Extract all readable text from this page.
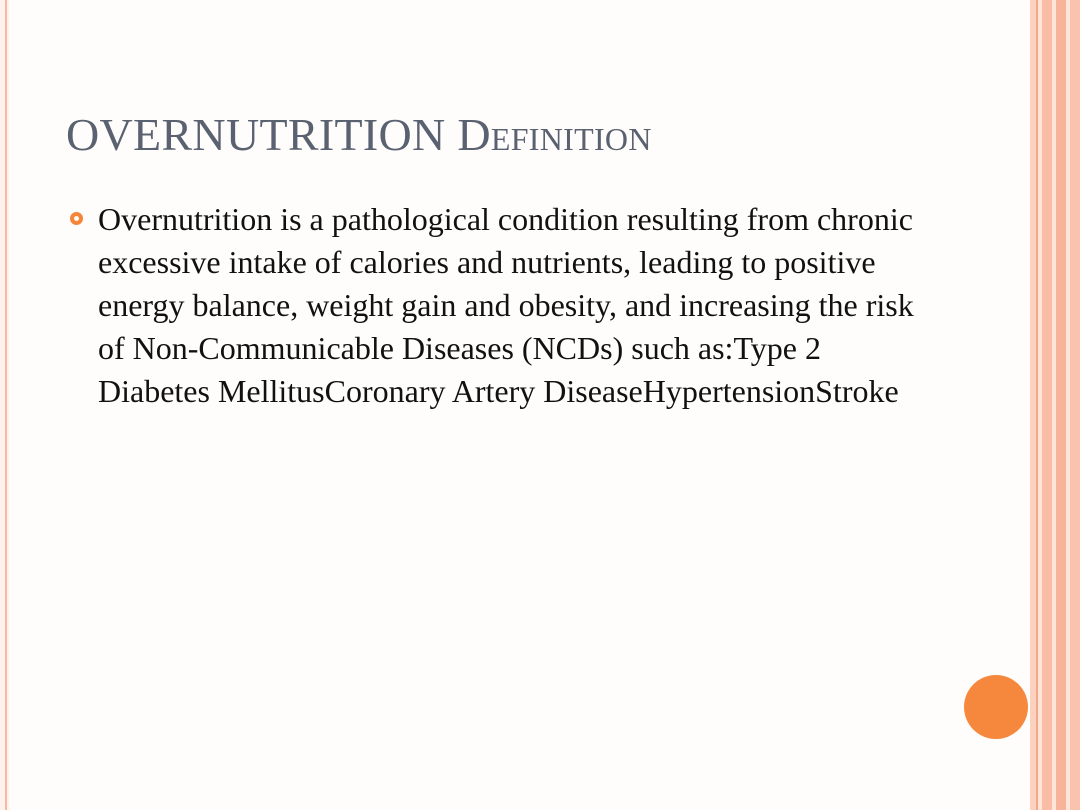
OVERNUTRITION Definition
Overnutrition is a pathological condition resulting from chronic excessive intake of calories and nutrients, leading to positive energy balance, weight gain and obesity, and increasing the risk of Non-Communicable Diseases (NCDs) such as:Type 2 Diabetes MellitusCoronary Artery DiseaseHypertensionStroke
